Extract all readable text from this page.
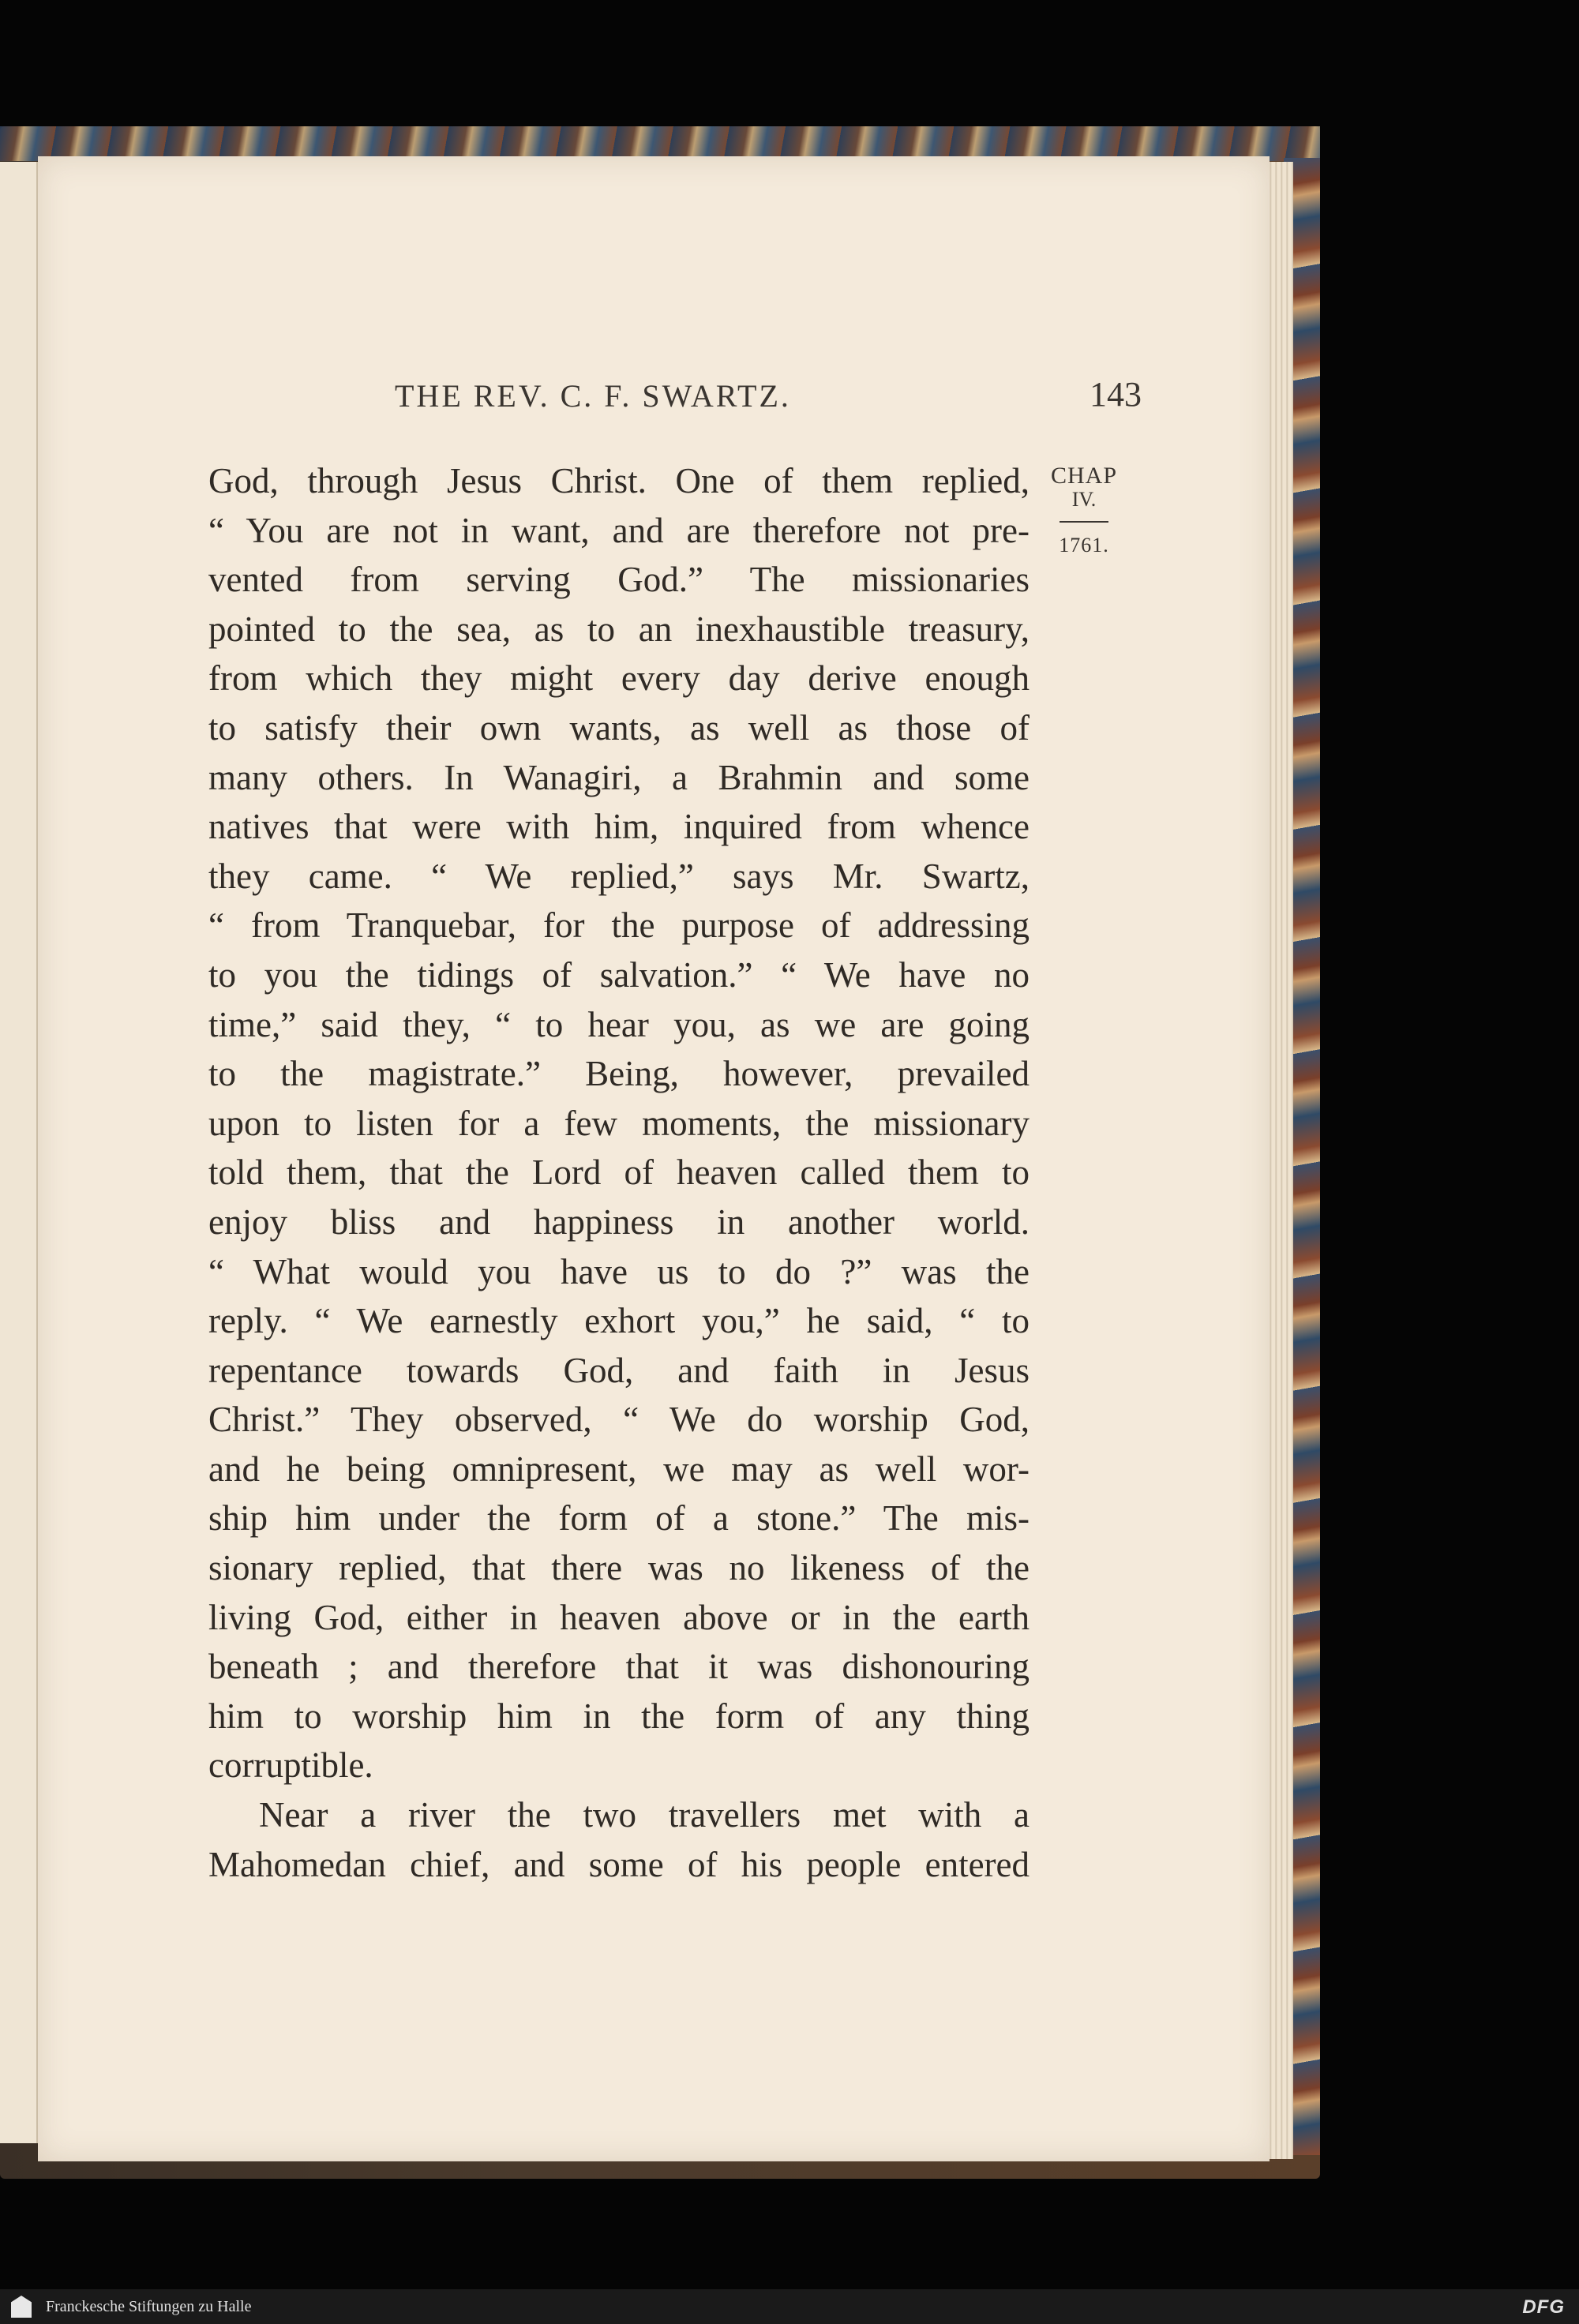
THE REV. C. F. SWARTZ.	143
CHAP
IV.
1761.
God, through Jesus Christ. One of them replied,
“ You are not in want, and are therefore not pre-
vented from serving God.” The missionaries
pointed to the sea, as to an inexhaustible treasury,
from which they might every day derive enough
to satisfy their own wants, as well as those of
many others. In Wanagiri, a Brahmin and some
natives that were with him, inquired from whence
they came. “ We replied,” says Mr. Swartz,
“ from Tranquebar, for the purpose of addressing
to you the tidings of salvation.” “ We have no
time,” said they, “ to hear you, as we are going
to the magistrate.” Being, however, prevailed
upon to listen for a few moments, the missionary
told them, that the Lord of heaven called them to
enjoy bliss and happiness in another world.
“ What would you have us to do ?” was the
reply. “ We earnestly exhort you,” he said, “ to
repentance towards God, and faith in Jesus
Christ.” They observed, “ We do worship God,
and he being omnipresent, we may as well wor-
ship him under the form of a stone.” The mis-
sionary replied, that there was no likeness of the
living God, either in heaven above or in the earth
beneath ; and therefore that it was dishonouring
him to worship him in the form of any thing
corruptible.
Near a river the two travellers met with a
Mahomedan chief, and some of his people entered
Franckesche Stiftungen zu Halle	DFG
